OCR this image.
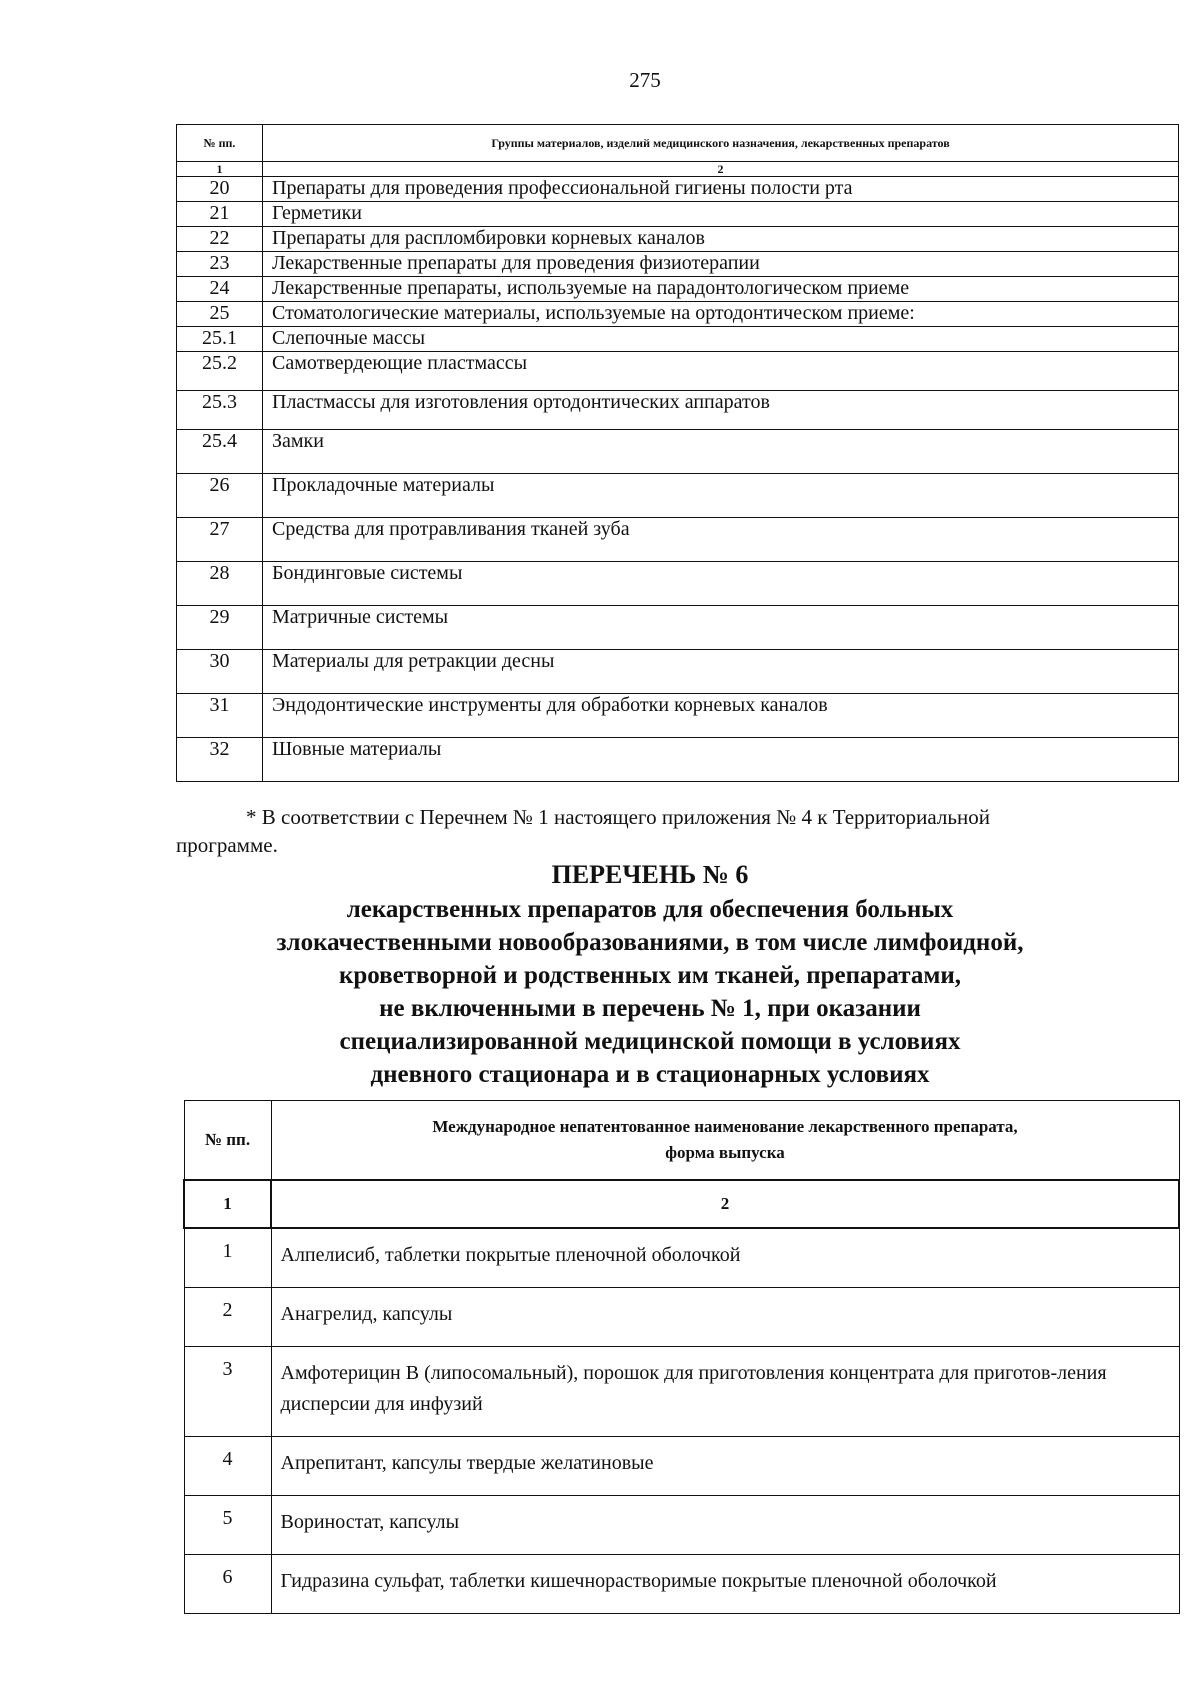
275
№ пп.	Группы материалов, изделий медицинского назначения, лекарственных препаратов
1	2
20	Препараты для проведения профессиональной гигиены полости рта
21	Герметики
22	Препараты для распломбировки корневых каналов
23	Лекарственные препараты для проведения физиотерапии
24	Лекарственные препараты, используемые на парадонтологическом приеме
25	Стоматологические материалы, используемые на ортодонтическом приеме:
25.1	Слепочные массы
25.2	Самотвердеющие пластмассы
25.3	Пластмассы для изготовления ортодонтических аппаратов
25.4	Замки
26	Прокладочные материалы
27	Средства для протравливания тканей зуба
28	Бондинговые системы
29	Матричные системы
30	Материалы для ретракции десны
31	Эндодонтические инструменты для обработки корневых каналов
32	Шовные материалы
* В соответствии с Перечнем № 1 настоящего приложения № 4 к Территориальной
программе.
ПЕРЕЧЕНЬ № 6
лекарственных препаратов для обеспечения больных
злокачественными новообразованиями, в том числе лимфоидной,
кроветворной и родственных им тканей, препаратами,
не включенными в перечень № 1, при оказании
специализированной медицинской помощи в условиях
дневного стационара и в стационарных условиях
№ пп.	Международное непатентованное наименование лекарственного препарата,
форма выпуска

1	2
1	Алпелисиб, таблетки покрытые пленочной оболочкой
2	Анагрелид, капсулы
3	Амфотерицин В (липосомальный), порошок для приготовления концентрата для приготов-ления дисперсии для инфузий
4	Апрепитант, капсулы твердые желатиновые
5	Вориностат, капсулы
6	Гидразина сульфат, таблетки кишечнорастворимые покрытые пленочной оболочкой
